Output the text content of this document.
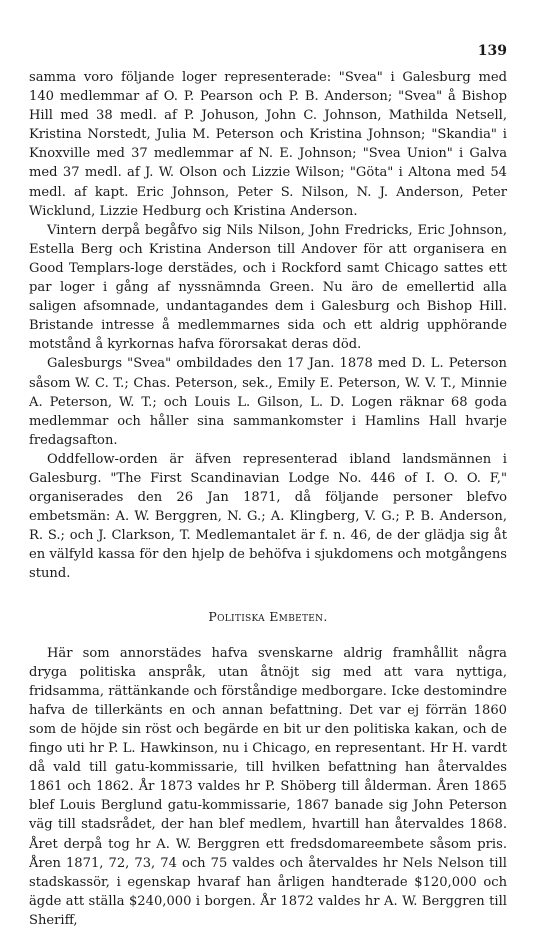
139

samma voro följande loger representerade: "Svea" i Galesburg med 140 medlemmar af O. P. Pearson och P. B. Anderson; "Svea" å Bishop Hill med 38 medl. af P. Johuson, John C. Johnson, Mathilda Netsell, Kristina Norstedt, Julia M. Peterson och Kristina Johnson; "Skandia" i Knoxville med 37 medlemmar af N. E. Johnson; "Svea Union" i Galva med 37 medl. af J. W. Olson och Lizzie Wilson; "Göta" i Altona med 54 medl. af kapt. Eric Johnson, Peter S. Nilson, N. J. Anderson, Peter Wicklund, Lizzie Hedburg och Kristina Anderson.

Vintern derpå begåfvo sig Nils Nilson, John Fredricks, Eric Johnson, Estella Berg och Kristina Anderson till Andover för att organisera en Good Templars-loge derstädes, och i Rockford samt Chicago sattes ett par loger i gång af nyssnämnda Green. Nu äro de emellertid alla saligen afsomnade, undantagandes dem i Galesburg och Bishop Hill. Bristande intresse å medlemmarnes sida och ett aldrig upphörande motstånd å kyrkornas hafva förorsakat deras död.

Galesburgs "Svea" ombildades den 17 Jan. 1878 med D. L. Peterson såsom W. C. T.; Chas. Peterson, sek., Emily E. Peterson, W. V. T., Minnie A. Peterson, W. T.; och Louis L. Gilson, L. D. Logen räknar 68 goda medlemmar och håller sina sammankomster i Hamlins Hall hvarje fredagsafton.

Oddfellow-orden är äfven representerad ibland landsmännen i Galesburg. "The First Scandinavian Lodge No. 446 of I. O. O. F," organiserades den 26 Jan 1871, då följande personer blefvo embetsmän: A. W. Berggren, N. G.; A. Klingberg, V. G.; P. B. Anderson, R. S.; och J. Clarkson, T. Medlemantalet är f. n. 46, de der glädja sig åt en välfyld kassa för den hjelp de behöfva i sjukdomens och motgångens stund.

Politiska Embeten.

Här som annorstädes hafva svenskarne aldrig framhållit några dryga politiska anspråk, utan åtnöjt sig med att vara nyttiga, fridsamma, rättänkande och förståndige medborgare. Icke destomindre hafva de tillerkänts en och annan befattning. Det var ej förrän 1860 som de höjde sin röst och begärde en bit ur den politiska kakan, och de fingo uti hr P. L. Hawkinson, nu i Chicago, en representant. Hr H. vardt då vald till gatu-kommissarie, till hvilken befattning han återvaldes 1861 och 1862. År 1873 valdes hr P. Shöberg till ålderman. Åren 1865 blef Louis Berglund gatu-kommissarie, 1867 banade sig John Peterson väg till stadsrådet, der han blef medlem, hvartill han återvaldes 1868. Året derpå tog hr A. W. Berggren ett fredsdomareembete såsom pris. Åren 1871, 72, 73, 74 och 75 valdes och återvaldes hr Nels Nelson till stadskassör, i egenskap hvaraf han årligen handterade $120,000 och ägde att ställa $240,000 i borgen. År 1872 valdes hr A. W. Berggren till Sheriff,
